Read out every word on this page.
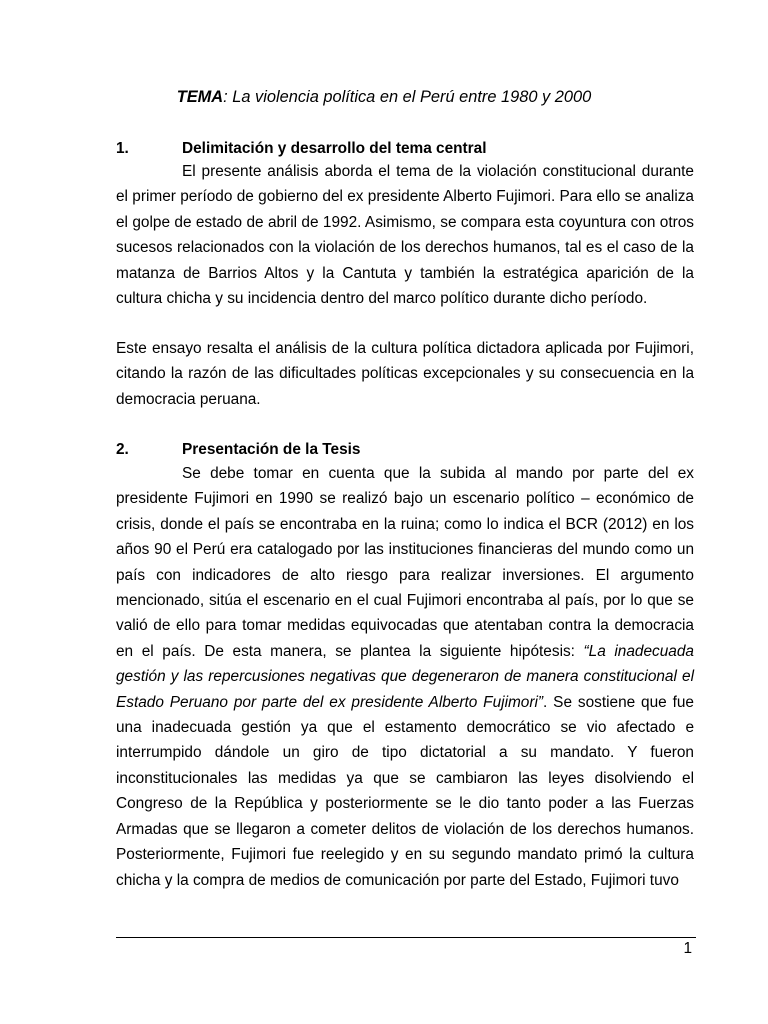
TEMA: La violencia política en el Perú entre 1980 y 2000
1.	Delimitación y desarrollo del tema central

El presente análisis aborda el tema de la violación constitucional durante el primer período de gobierno del ex presidente Alberto Fujimori. Para ello se analiza el golpe de estado de abril de 1992. Asimismo, se compara esta coyuntura con otros sucesos relacionados con la violación de los derechos humanos, tal es el caso de la matanza de Barrios Altos y la Cantuta y también la estratégica aparición de la cultura chicha y su incidencia dentro del marco político durante dicho período.

Este ensayo resalta el análisis de la cultura política dictadora aplicada por Fujimori, citando la razón de las dificultades políticas excepcionales y su consecuencia en la democracia peruana.

2.	Presentación de la Tesis

Se debe tomar en cuenta que la subida al mando por parte del ex presidente Fujimori en 1990 se realizó bajo un escenario político – económico de crisis, donde el país se encontraba en la ruina; como lo indica el BCR (2012) en los años 90 el Perú era catalogado por las instituciones financieras del mundo como un país con indicadores de alto riesgo para realizar inversiones. El argumento mencionado, sitúa el escenario en el cual Fujimori encontraba al país, por lo que se valió de ello para tomar medidas equivocadas que atentaban contra la democracia en el país. De esta manera, se plantea la siguiente hipótesis: “La inadecuada gestión y las repercusiones negativas que degeneraron de manera constitucional el Estado Peruano por parte del ex presidente Alberto Fujimori”. Se sostiene que fue una inadecuada gestión ya que el estamento democrático se vio afectado e interrumpido dándole un giro de tipo dictatorial a su mandato. Y fueron inconstitucionales las medidas ya que se cambiaron las leyes disolviendo el Congreso de la República y posteriormente se le dio tanto poder a las Fuerzas Armadas que se llegaron a cometer delitos de violación de los derechos humanos. Posteriormente, Fujimori fue reelegido y en su segundo mandato primó la cultura chicha y la compra de medios de comunicación por parte del Estado, Fujimori tuvo

1
